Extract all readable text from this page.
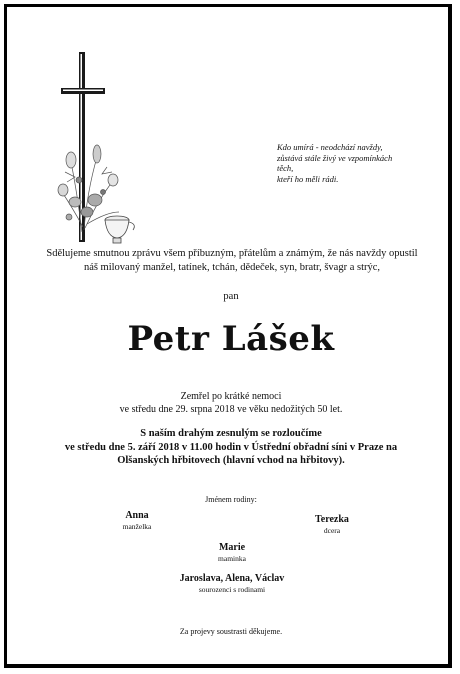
Kdo umírá - neodchází navždy,
zůstává stále živý ve vzpomínkách
těch,
kteří ho měli rádi.
Sdělujeme smutnou zprávu všem příbuzným, přátelům a známým, že nás navždy opustil
náš milovaný manžel, tatínek, tchán, dědeček, syn, bratr, švagr a strýc,
pan
Petr Lášek
Zemřel po krátké nemoci
ve středu dne 29. srpna 2018 ve věku nedožitých 50 let.
S naším drahým zesnulým se rozloučíme
ve středu dne 5. září 2018 v 11.00 hodin v Ústřední obřadní síni v Praze na
Olšanských hřbitovech (hlavní vchod na hřbitovy).
Jménem rodiny:
Anna
manželka
Terezka
dcera
Marie
maminka
Jaroslava, Alena, Václav
sourozenci s rodinami
Za projevy soustrasti děkujeme.
